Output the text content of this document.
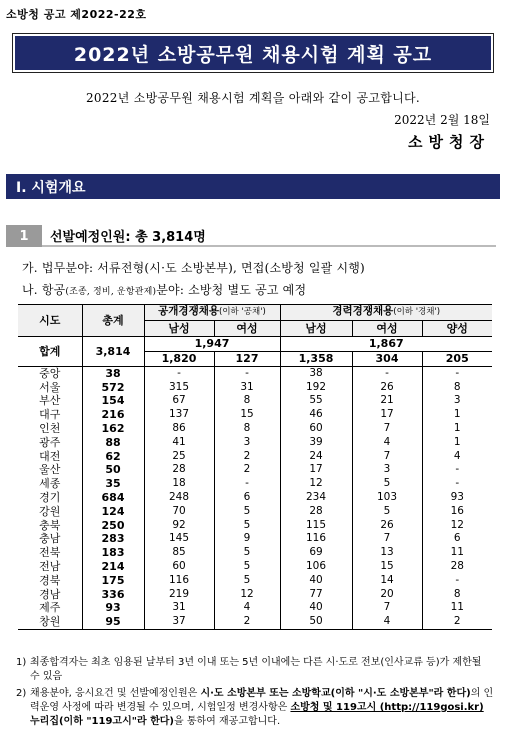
소방청 공고 제2022-22호
2022년 소방공무원 채용시험 계획 공고
2022년 소방공무원 채용시험 계획을 아래와 같이 공고합니다.
2022년 2월 18일
소방청장
Ⅰ. 시험개요
1	선발예정인원: 총 3,814명
가. 법무분야: 서류전형(시·도 소방본부), 면접(소방청 일괄 시행)
나. 항공(조종, 정비, 운항관제)분야: 소방청 별도 공고 예정
시도	총계	공개경쟁채용(이하 '공채')		경력경쟁채용(이하 '경채')		
		남성	여성	남성	여성	양성
합계	3,814	1,947		1,867		
		1,820	127	1,358	304	205
중앙	38	-	-	38	-	-
서울	572	315	31	192	26	8
부산	154	67	8	55	21	3
대구	216	137	15	46	17	1
인천	162	86	8	60	7	1
광주	88	41	3	39	4	1
대전	62	25	2	24	7	4
울산	50	28	2	17	3	-
세종	35	18	-	12	5	-
경기	684	248	6	234	103	93
강원	124	70	5	28	5	16
충북	250	92	5	115	26	12
충남	283	145	9	116	7	6
전북	183	85	5	69	13	11
전남	214	60	5	106	15	28
경북	175	116	5	40	14	-
경남	336	219	12	77	20	8
제주	93	31	4	40	7	11
창원	95	37	2	50	4	2
1) 최종합격자는 최초 임용된 날부터 3년 이내 또는 5년 이내에는 다른 시·도로 전보(인사교류 등)가 제한될 수 있음
2) 채용분야, 응시요건 및 선발예정인원은 시·도 소방본부 또는 소방학교(이하 "시·도 소방본부"라 한다)의 인력운영 사정에 따라 변경될 수 있으며, 시험일정 변경사항은 소방청 및 119고시 (http://119gosi.kr) 누리집(이하 "119고시"라 한다)을 통하여 재공고합니다.
